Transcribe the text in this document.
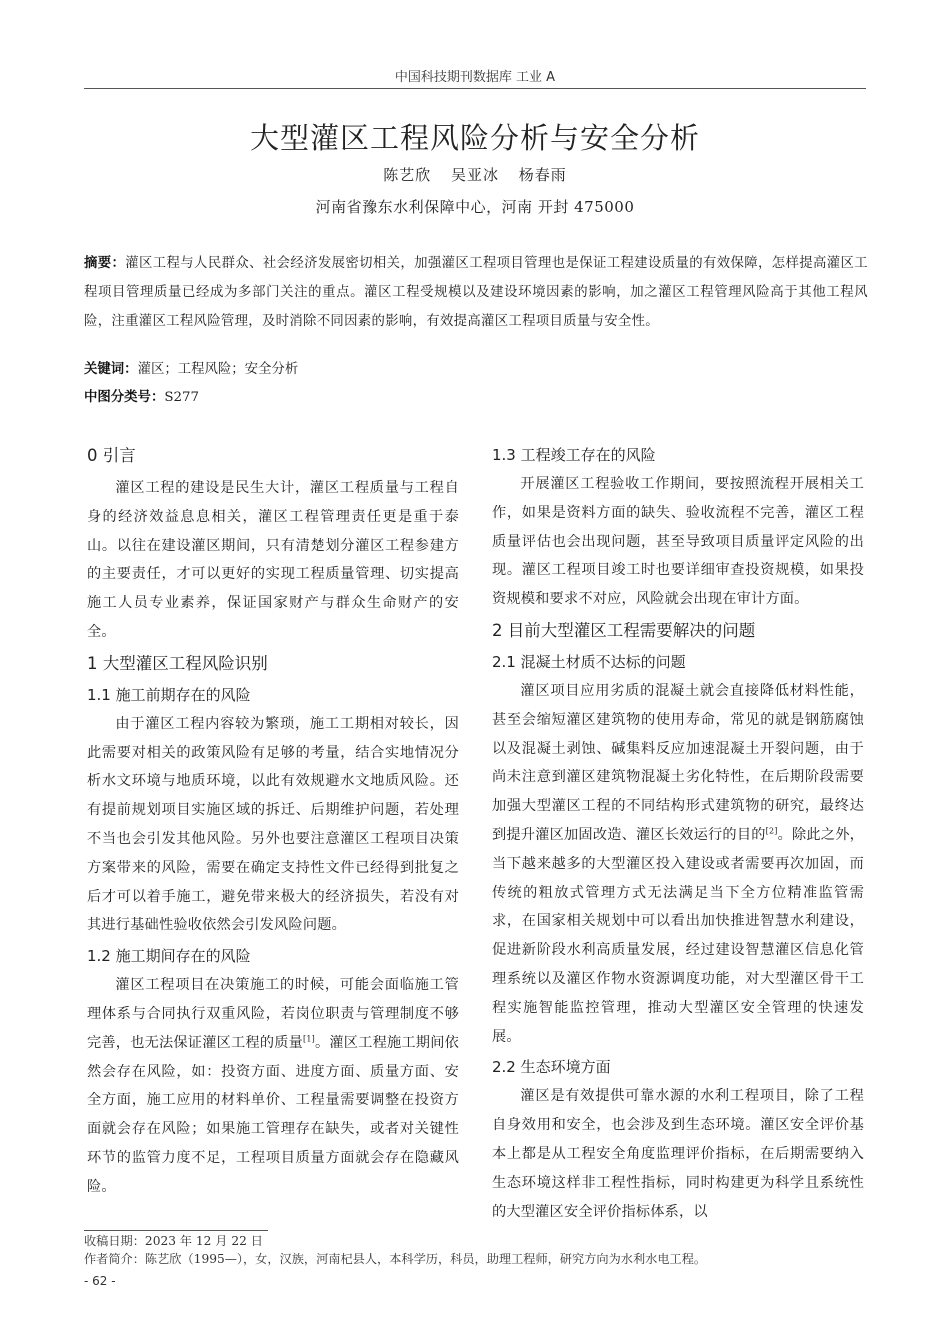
中国科技期刊数据库 工业 A
大型灌区工程风险分析与安全分析
陈艺欣 吴亚冰 杨春雨
河南省豫东水利保障中心，河南 开封 475000
摘要：灌区工程与人民群众、社会经济发展密切相关，加强灌区工程项目管理也是保证工程建设质量的有效保障，怎样提高灌区工程项目管理质量已经成为多部门关注的重点。灌区工程受规模以及建设环境因素的影响，加之灌区工程管理风险高于其他工程风险，注重灌区工程风险管理，及时消除不同因素的影响，有效提高灌区工程项目质量与安全性。
关键词：灌区；工程风险；安全分析
中图分类号：S277
0 引言

灌区工程的建设是民生大计，灌区工程质量与工程自身的经济效益息息相关，灌区工程管理责任更是重于泰山。以往在建设灌区期间，只有清楚划分灌区工程参建方的主要责任，才可以更好的实现工程质量管理、切实提高施工人员专业素养，保证国家财产与群众生命财产的安全。

1 大型灌区工程风险识别
1.1 施工前期存在的风险

由于灌区工程内容较为繁琐，施工工期相对较长，因此需要对相关的政策风险有足够的考量，结合实地情况分析水文环境与地质环境，以此有效规避水文地质风险。还有提前规划项目实施区域的拆迁、后期维护问题，若处理不当也会引发其他风险。另外也要注意灌区工程项目决策方案带来的风险，需要在确定支持性文件已经得到批复之后才可以着手施工，避免带来极大的经济损失，若没有对其进行基础性验收依然会引发风险问题。

1.2 施工期间存在的风险

灌区工程项目在决策施工的时候，可能会面临施工管理体系与合同执行双重风险，若岗位职责与管理制度不够完善，也无法保证灌区工程的质量[1]。灌区工程施工期间依然会存在风险，如：投资方面、进度方面、质量方面、安全方面，施工应用的材料单价、工程量需要调整在投资方面就会存在风险；如果施工管理存在缺失，或者对关键性环节的监管力度不足，工程项目质量方面就会存在隐藏风险。

1.3 工程竣工存在的风险

开展灌区工程验收工作期间，要按照流程开展相关工作，如果是资料方面的缺失、验收流程不完善，灌区工程质量评估也会出现问题，甚至导致项目质量评定风险的出现。灌区工程项目竣工时也要详细审查投资规模，如果投资规模和要求不对应，风险就会出现在审计方面。

2 目前大型灌区工程需要解决的问题
2.1 混凝土材质不达标的问题

灌区项目应用劣质的混凝土就会直接降低材料性能，甚至会缩短灌区建筑物的使用寿命，常见的就是钢筋腐蚀以及混凝土剥蚀、碱集料反应加速混凝土开裂问题，由于尚未注意到灌区建筑物混凝土劣化特性，在后期阶段需要加强大型灌区工程的不同结构形式建筑物的研究，最终达到提升灌区加固改造、灌区长效运行的目的[2]。除此之外，当下越来越多的大型灌区投入建设或者需要再次加固，而传统的粗放式管理方式无法满足当下全方位精准监管需求，在国家相关规划中可以看出加快推进智慧水利建设，促进新阶段水利高质量发展，经过建设智慧灌区信息化管理系统以及灌区作物水资源调度功能，对大型灌区骨干工程实施智能监控管理，推动大型灌区安全管理的快速发展。

2.2 生态环境方面

灌区是有效提供可靠水源的水利工程项目，除了工程自身效用和安全，也会涉及到生态环境。灌区安全评价基本上都是从工程安全角度监理评价指标，在后期需要纳入生态环境这样非工程性指标，同时构建更为科学且系统性的大型灌区安全评价指标体系，以

收稿日期：2023 年 12 月 22 日
作者简介：陈艺欣（1995—），女，汉族，河南杞县人，本科学历，科员，助理工程师，研究方向为水利水电工程。
- 62 -
